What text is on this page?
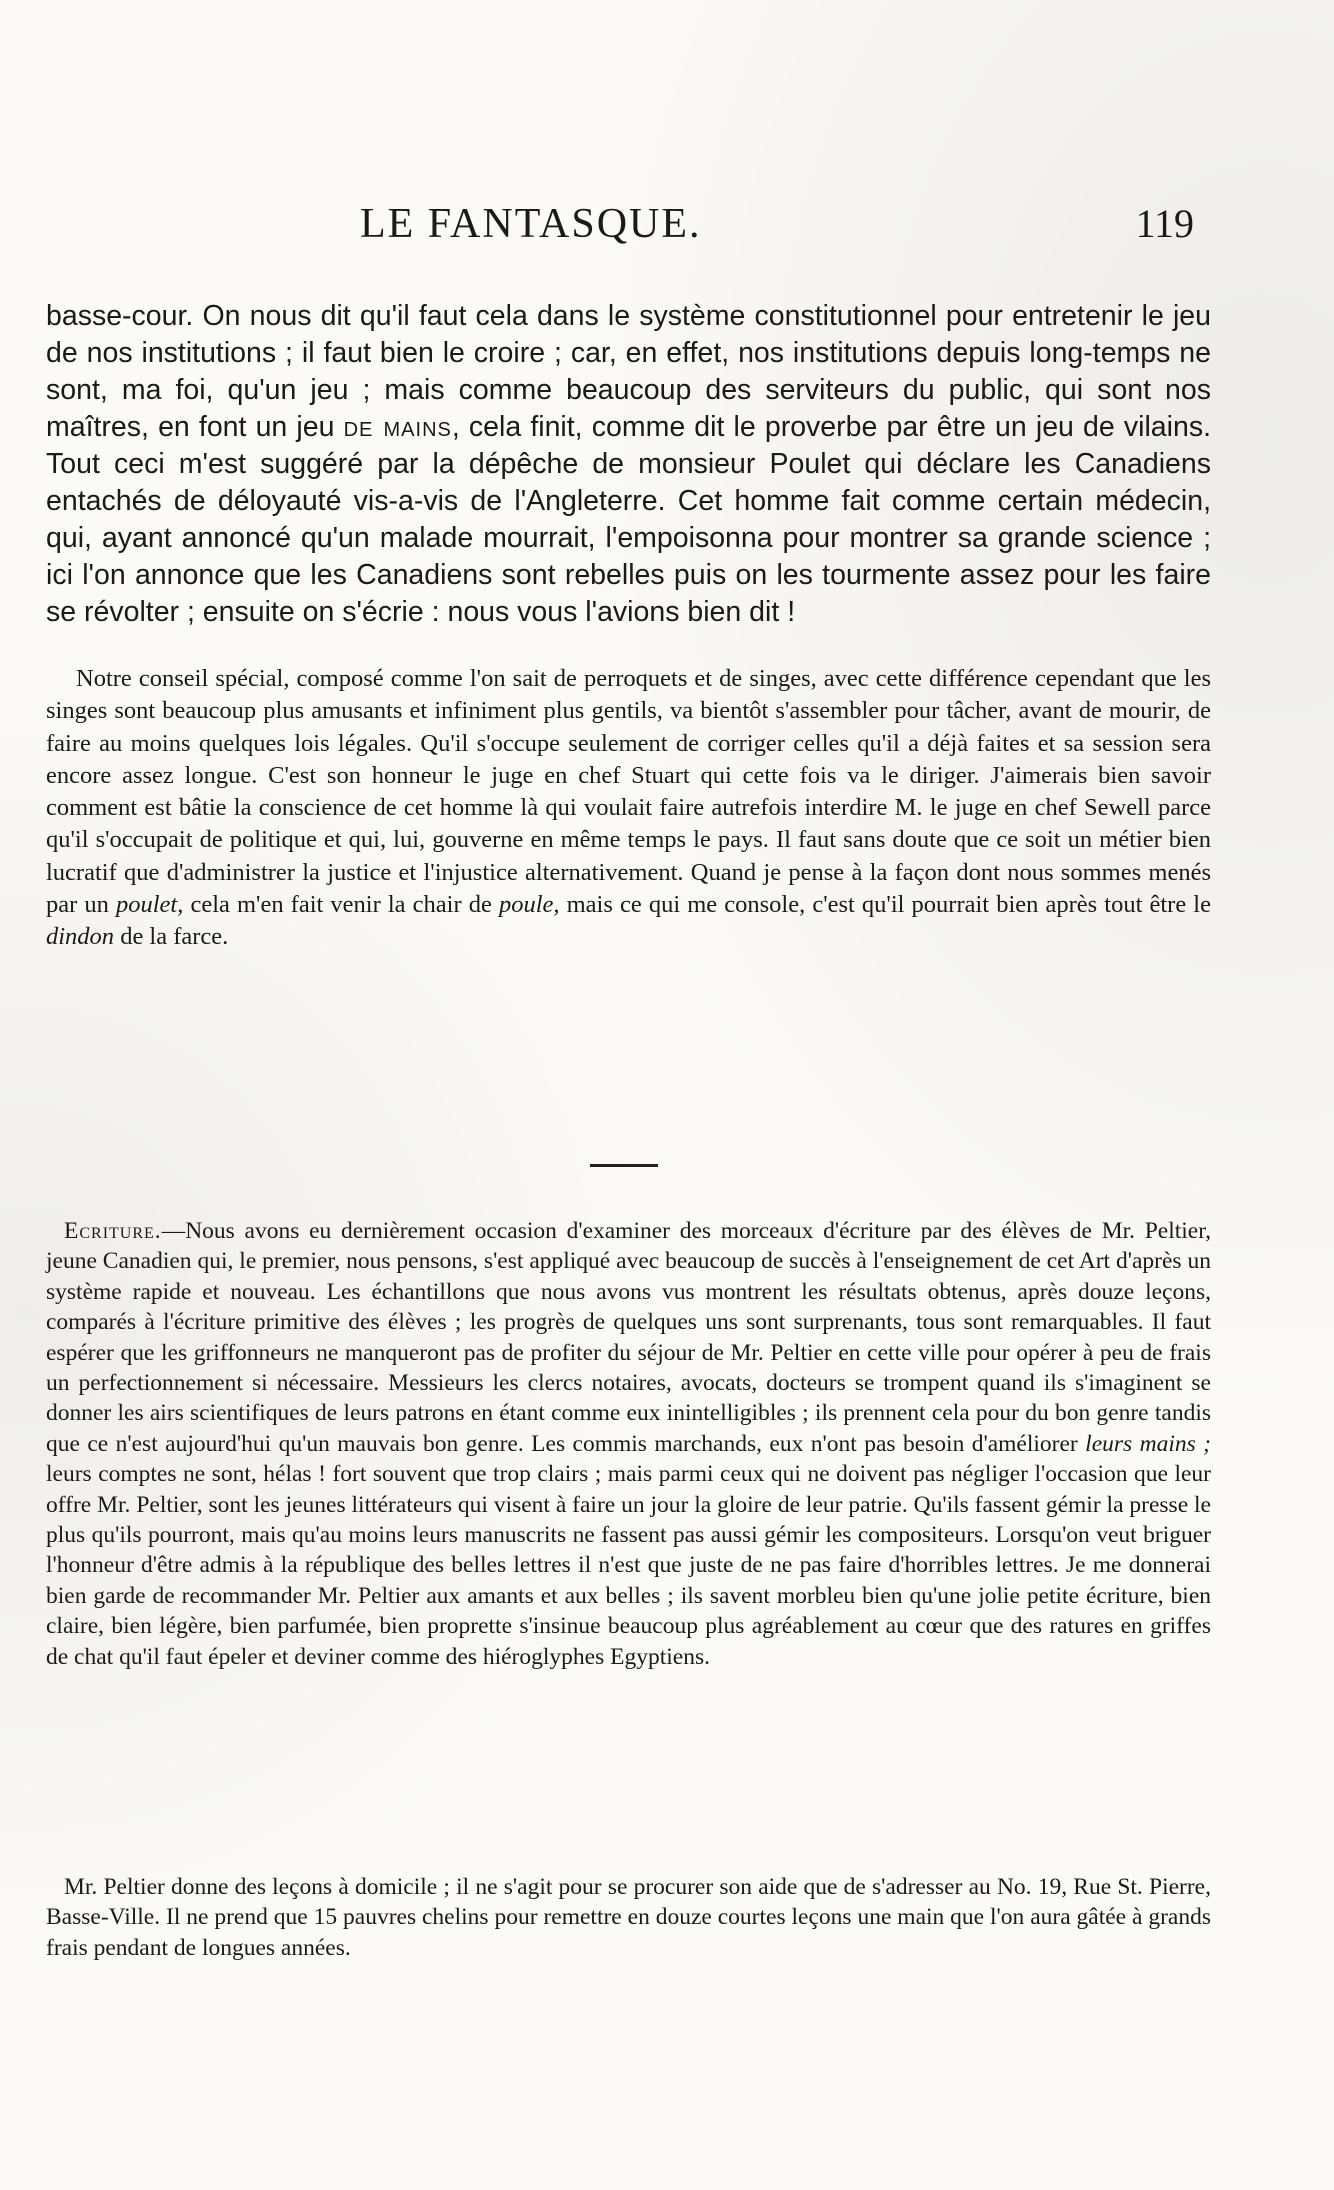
LE FANTASQUE.	119

basse-cour. On nous dit qu'il faut cela dans le système constitutionnel pour entretenir le jeu de nos institutions ; il faut bien le croire ; car, en effet, nos institutions depuis long-temps ne sont, ma foi, qu'un jeu ; mais comme beaucoup des serviteurs du public, qui sont nos maîtres, en font un jeu de mains, cela finit, comme dit le proverbe par être un jeu de vilains. Tout ceci m'est suggéré par la dépêche de monsieur Poulet qui déclare les Canadiens entachés de déloyauté vis-a-vis de l'Angleterre. Cet homme fait comme certain médecin, qui, ayant annoncé qu'un malade mourrait, l'empoisonna pour montrer sa grande science ; ici l'on annonce que les Canadiens sont rebelles puis on les tourmente assez pour les faire se révolter ; ensuite on s'écrie : nous vous l'avions bien dit !

Notre conseil spécial, composé comme l'on sait de perroquets et de singes, avec cette différence cependant que les singes sont beaucoup plus amusants et infiniment plus gentils, va bientôt s'assembler pour tâcher, avant de mourir, de faire au moins quelques lois légales. Qu'il s'occupe seulement de corriger celles qu'il a déjà faites et sa session sera encore assez longue. C'est son honneur le juge en chef Stuart qui cette fois va le diriger. J'aimerais bien savoir comment est bâtie la conscience de cet homme là qui voulait faire autrefois interdire M. le juge en chef Sewell parce qu'il s'occupait de politique et qui, lui, gouverne en même temps le pays. Il faut sans doute que ce soit un métier bien lucratif que d'administrer la justice et l'injustice alternativement. Quand je pense à la façon dont nous sommes menés par un poulet, cela m'en fait venir la chair de poule, mais ce qui me console, c'est qu'il pourrait bien après tout être le dindon de la farce.

Ecriture.—Nous avons eu dernièrement occasion d'examiner des morceaux d'écriture par des élèves de Mr. Peltier, jeune Canadien qui, le premier, nous pensons, s'est appliqué avec beaucoup de succès à l'enseignement de cet Art d'après un système rapide et nouveau. Les échantillons que nous avons vus montrent les résultats obtenus, après douze leçons, comparés à l'écriture primitive des élèves ; les progrès de quelques uns sont surprenants, tous sont remarquables. Il faut espérer que les griffonneurs ne manqueront pas de profiter du séjour de Mr. Peltier en cette ville pour opérer à peu de frais un perfectionnement si nécessaire. Messieurs les clercs notaires, avocats, docteurs se trompent quand ils s'imaginent se donner les airs scientifiques de leurs patrons en étant comme eux inintelligibles ; ils prennent cela pour du bon genre tandis que ce n'est aujourd'hui qu'un mauvais bon genre. Les commis marchands, eux n'ont pas besoin d'améliorer leurs mains ; leurs comptes ne sont, hélas ! fort souvent que trop clairs ; mais parmi ceux qui ne doivent pas négliger l'occasion que leur offre Mr. Peltier, sont les jeunes littérateurs qui visent à faire un jour la gloire de leur patrie. Qu'ils fassent gémir la presse le plus qu'ils pourront, mais qu'au moins leurs manuscrits ne fassent pas aussi gémir les compositeurs. Lorsqu'on veut briguer l'honneur d'être admis à la république des belles lettres il n'est que juste de ne pas faire d'horribles lettres. Je me donnerai bien garde de recommander Mr. Peltier aux amants et aux belles ; ils savent morbleu bien qu'une jolie petite écriture, bien claire, bien légère, bien parfumée, bien proprette s'insinue beaucoup plus agréablement au cœur que des ratures en griffes de chat qu'il faut épeler et deviner comme des hiéroglyphes Egyptiens.

Mr. Peltier donne des leçons à domicile ; il ne s'agit pour se procurer son aide que de s'adresser au No. 19, Rue St. Pierre, Basse-Ville. Il ne prend que 15 pauvres chelins pour remettre en douze courtes leçons une main que l'on aura gâtée à grands frais pendant de longues années.
